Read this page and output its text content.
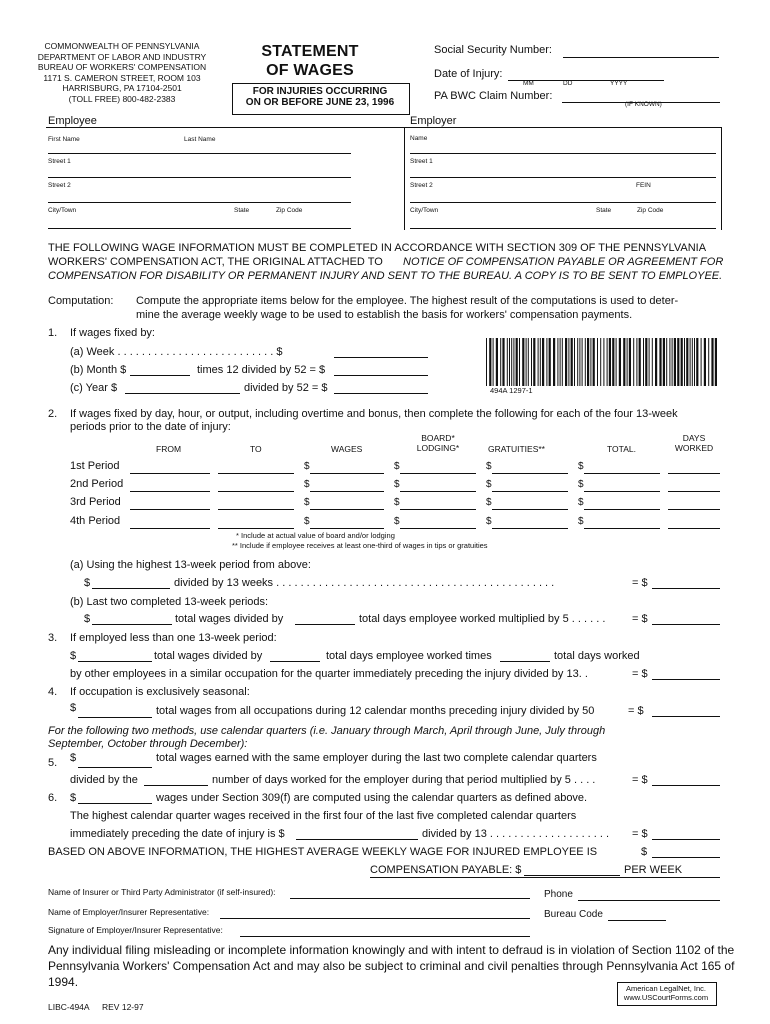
COMMONWEALTH OF PENNSYLVANIA
DEPARTMENT OF LABOR AND INDUSTRY
BUREAU OF WORKERS' COMPENSATION
1171 S. CAMERON STREET, ROOM 103
HARRISBURG, PA 17104-2501
(TOLL FREE) 800-482-2383
STATEMENT
OF WAGES
FOR INJURIES OCCURRING
ON OR BEFORE JUNE 23, 1996
Social Security Number:
Date of Injury:
MM	DD	YYYY
PA BWC Claim Number:
(IF KNOWN)
Employee	Employer
First Name	Last Name
Street 1
Street 2
City/Town	State	Zip Code
Name
Street 1
Street 2	FEIN
City/Town	State	Zip Code
THE FOLLOWING WAGE INFORMATION MUST BE COMPLETED IN ACCORDANCE WITH SECTION 309 OF THE PENNSYLVANIA
WORKERS' COMPENSATION ACT, THE ORIGINAL ATTACHED TO NOTICE OF COMPENSATION PAYABLE OR AGREEMENT FOR
COMPENSATION FOR DISABILITY OR PERMANENT INJURY AND SENT TO THE BUREAU. A COPY IS TO BE SENT TO EMPLOYEE.
Computation: Compute the appropriate items below for the employee. The highest result of the computations is used to deter-
mine the average weekly wage to be used to establish the basis for workers' compensation payments.
1. If wages fixed by:
(a) Week . . . . . . . . . . . . . . . . . . . . . . . . . . $
(b) Month $	times 12 divided by 52 = $
(c) Year $	divided by 52 = $	494A 1297-1
2. If wages fixed by day, hour, or output, including overtime and bonus, then complete the following for each of the four 13-week
periods prior to the date of injury:
FROM	TO	WAGES
BOARD*
LODGING*	GRATUITIES**	TOTAL.
DAYS
WORKED
1st Period	$	$	$	$
2nd Period	$	$	$	$
3rd Period	$	$	$	$
4th Period	$	$	$	$
* Include at actual value of board and/or lodging
** Include if employee receives at least one-third of wages in tips or gratuities
(a) Using the highest 13-week period from above:
$	divided by 13 weeks . . . . . . . . . . . . . . . . . . . . . . . . . . . . . . . . . . . . . . . . . . . . . .	= $
(b) Last two completed 13-week periods:
$	total wages divided by	total days employee worked multiplied by 5 . . . . . . = $
3. If employed less than one 13-week period:
$	total wages divided by	total days employee worked times	total days worked
by other employees in a similar occupation for the quarter immediately preceding the injury divided by 13. .	= $
4. If occupation is exclusively seasonal:
$	total wages from all occupations during 12 calendar months preceding injury divided by 50	= $
For the following two methods, use calendar quarters (i.e. January through March, April through June, July through
September, October through December):
5. $	total wages earned with the same employer during the last two complete calendar quarters
divided by the	number of days worked for the employer during that period multiplied by 5 . . . .	= $
6. $	wages under Section 309(f) are computed using the calendar quarters as defined above.
The highest calendar quarter wages received in the first four of the last five completed calendar quarters
immediately preceding the date of injury is $	divided by 13 . . . . . . . . . . . . . . . . . . . . = $
BASED ON ABOVE INFORMATION, THE HIGHEST AVERAGE WEEKLY WAGE FOR INJURED EMPLOYEE IS	$
COMPENSATION PAYABLE: $	PER WEEK
Name of Insurer or Third Party Administrator (if self-insured):	Phone
Name of Employer/Insurer Representative:	Bureau Code
Signature of Employer/Insurer Representative:
Any individual filing misleading or incomplete information knowingly and with intent to defraud is in violation of Section 1102 of the
Pennsylvania Workers' Compensation Act and may also be subject to criminal and civil penalties through Pennsylvania Act 165 of
1994.
LIBC-494A REV 12-97
American LegalNet, Inc.
www.USCourtForms.com
